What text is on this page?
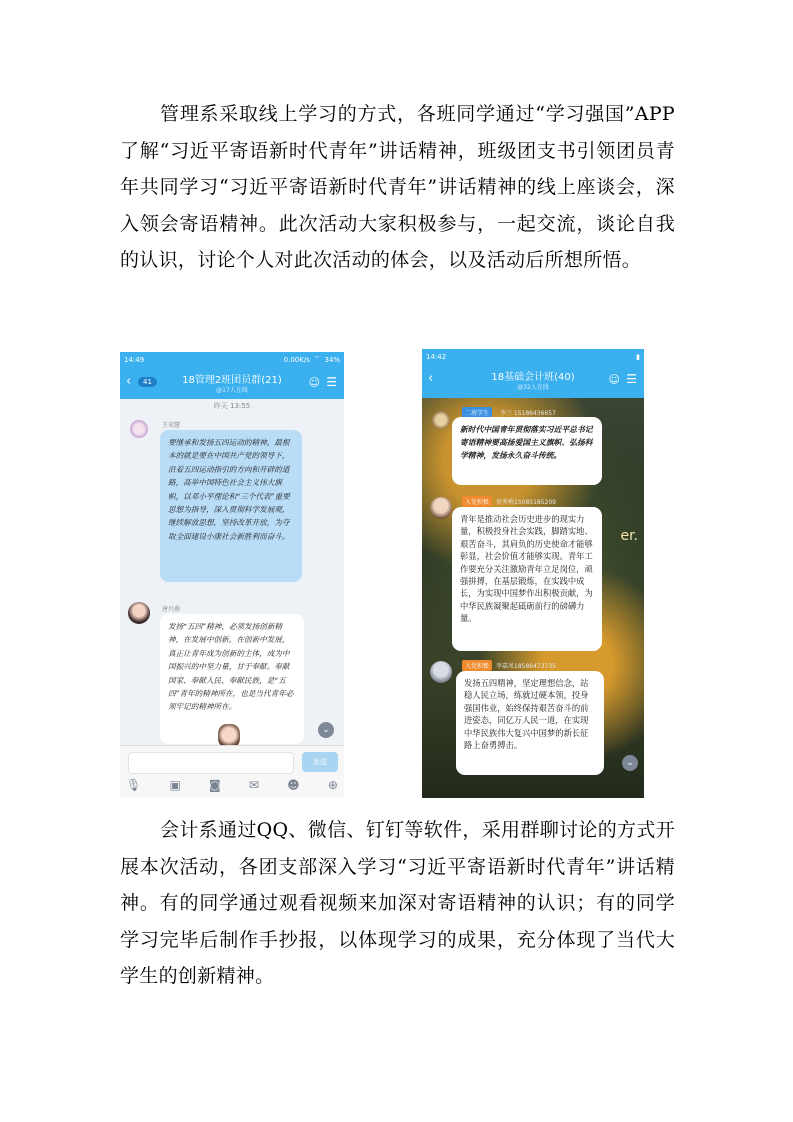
管理系采取线上学习的方式，各班同学通过“学习强国”APP了解“习近平寄语新时代青年”讲话精神，班级团支书引领团员青年共同学习“习近平寄语新时代青年”讲话精神的线上座谈会，深入领会寄语精神。此次活动大家积极参与，一起交流，谈论自我的认识，讨论个人对此次活动的体会，以及活动后所想所悟。

14:49	0.00K/s ⌔ 34%
‹	41	18管理2班团员群(21)
@17人在线
☺ ☰
昨天 13:55
王荣慧
要继承和发扬五四运动的精神，最根本的就是要在中国共产党的领导下，沿着五四运动指引的方向和开辟的道路，高举中国特色社会主义伟大旗帜，以邓小平理论和“三个代表”重要思想为指导，深入贯彻科学发展观，继续解放思想，坚持改革开放，为夺取全面建设小康社会新胜利而奋斗。
唐兴燕
发扬“五四”精神，必须发扬创新精神，在发展中创新，在创新中发展，真正让青年成为创新的主体，成为中国振兴的中坚力量，甘于奉献。奉献国家、奉献人民、奉献民族，是“五四”青年的精神所在，也是当代青年必须牢记的精神所在。
⌄
发送
🎙 ▣ ◙ ✉ ☻ ⊕
14:42	▮
‹	18基础会计班(40)
@32人在线
☺ ☰
二班学生	李兰 15186436657
新时代中国青年贯彻落实习近平总书记寄语精神要高扬爱国主义旗帜、弘扬科学精神，发扬永久奋斗传统。
入党积极	徐秀梅15085185209
青年是推动社会历史进步的现实力量，积极投身社会实践，脚踏实地、艰苦奋斗，其肩负的历史使命才能够彰显，社会价值才能够实现。青年工作要充分关注激励青年立足岗位，顽强拼搏，在基层锻炼，在实践中成长，为实现中国梦作出积极贡献，为中华民族凝聚起砥砺前行的磅礴力量。
er.
入党积极	李嘉凤18586473735
发扬五四精神，坚定理想信念，站稳人民立场，练就过硬本领，投身强国伟业，始终保持艰苦奋斗的前进姿态，同亿万人民一道，在实现中华民族伟大复兴中国梦的新长征路上奋勇搏击。
⌄

会计系通过QQ、微信、钉钉等软件，采用群聊讨论的方式开展本次活动，各团支部深入学习“习近平寄语新时代青年”讲话精神。有的同学通过观看视频来加深对寄语精神的认识；有的同学学习完毕后制作手抄报，以体现学习的成果，充分体现了当代大学生的创新精神。
